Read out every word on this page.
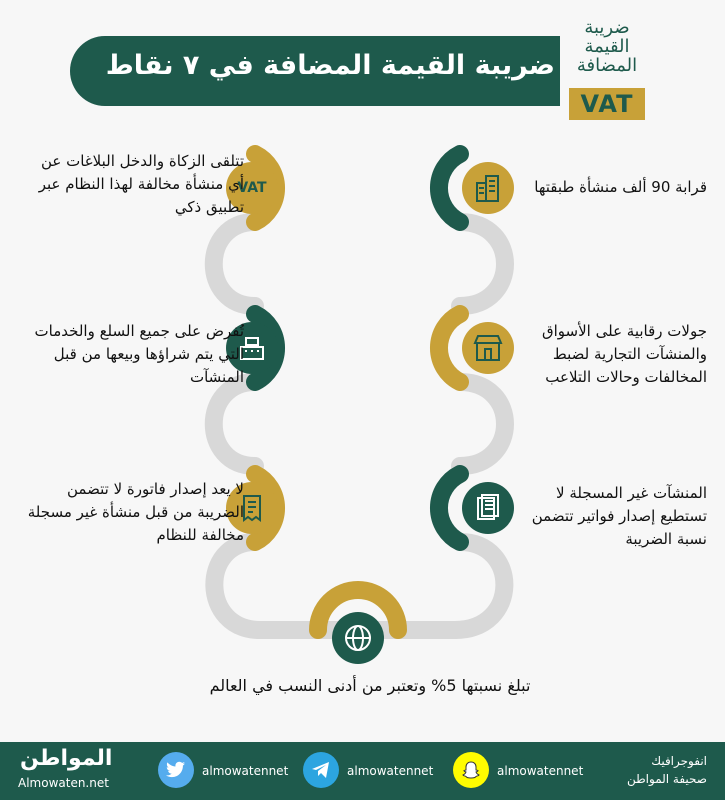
ضريبة القيمة المضافة في ٧ نقاط
ضريبة القيمة المضافة
VAT
قرابة 90 ألف منشأة طبقتها
جولات رقابية على الأسواق والمنشآت التجارية لضبط المخالفات وحالات التلاعب
المنشآت غير المسجلة لا تستطيع إصدار فواتير تتضمن نسبة الضريبة
VAT
تتلقى الزكاة والدخل البلاغات عن أي منشأة مخالفة لهذا النظام عبر تطبيق ذكي
تُفرض على جميع السلع والخدمات التي يتم شراؤها وبيعها من قبل المنشآت
لا يعد إصدار فاتورة لا تتضمن الضريبة من قبل منشأة غير مسجلة مخالفة للنظام
تبلغ نسبتها 5% وتعتبر من أدنى النسب في العالم
المواطن
Almowaten.net
almowatennet	almowatennet	almowatennet
انفوجرافيك
صحيفة المواطن
